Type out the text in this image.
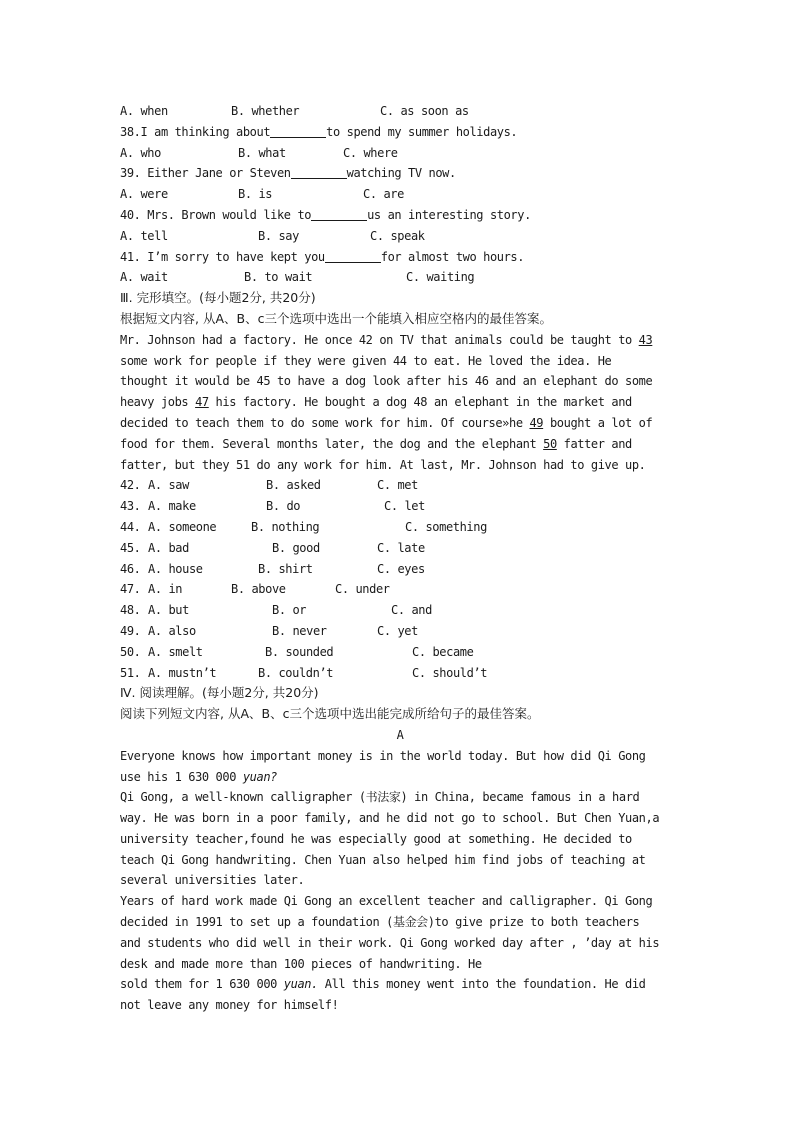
A. when	B. whether	C. as soon as
38.I am thinking about	to spend my summer holidays.
A. who	B. what	C. where
39. Either Jane or Steven	watching TV now.
A. were	B. is	C. are
40. Mrs. Brown would like to	us an interesting story.
A. tell	B. say	C. speak
41. I’m sorry to have kept you	for almost two hours.
A. wait	B. to wait	C. waiting
Ⅲ. 完形填空。(每小题2分, 共20分)
根据短文内容, 从A、B、c三个选项中选出一个能填入相应空格内的最佳答案。
Mr. Johnson had a factory. He once 42 on TV that animals could be taught to 43
some work for people if they were given 44 to eat. He loved the idea. He
thought it would be 45 to have a dog look after his 46 and an elephant do some
heavy jobs 47 his factory. He bought a dog 48 an elephant in the market and
decided to teach them to do some work for him. Of course»he 49 bought a lot of
food for them. Several months later, the dog and the elephant 50 fatter and
fatter, but they 51 do any work for him. At last, Mr. Johnson had to give up.
42. A. saw	B. asked	C. met
43. A. make	B. do	C. let
44. A. someone	B. nothing	C. something
45. A. bad	B. good	C. late
46. A. house	B. shirt	C. eyes
47. A. in	B. above	C. under
48. A. but	B. or	C. and
49. A. also	B. never	C. yet
50. A. smelt	B. sounded	C. became
51. A. mustn’t	B. couldn’t	C. should’t
Ⅳ. 阅读理解。(每小题2分, 共20分)
阅读下列短文内容, 从A、B、c三个选项中选出能完成所给句子的最佳答案。
A
Everyone knows how important money is in the world today. But how did Qi Gong
use his 1 630 000 yuan?
Qi Gong, a well-known calligrapher (书法家) in China, became famous in a hard
way. He was born in a poor family, and he did not go to school. But Chen Yuan,a
university teacher,found he was especially good at something. He decided to
teach Qi Gong handwriting. Chen Yuan also helped him find jobs of teaching at
several universities later.
Years of hard work made Qi Gong an excellent teacher and calligrapher. Qi Gong
decided in 1991 to set up a foundation (基金会)to give prize to both teachers
and students who did well in their work. Qi Gong worked day after , ’day at his
desk and made more than 100 pieces of handwriting. He
sold them for 1 630 000 yuan. All this money went into the foundation. He did
not leave any money for himself!
